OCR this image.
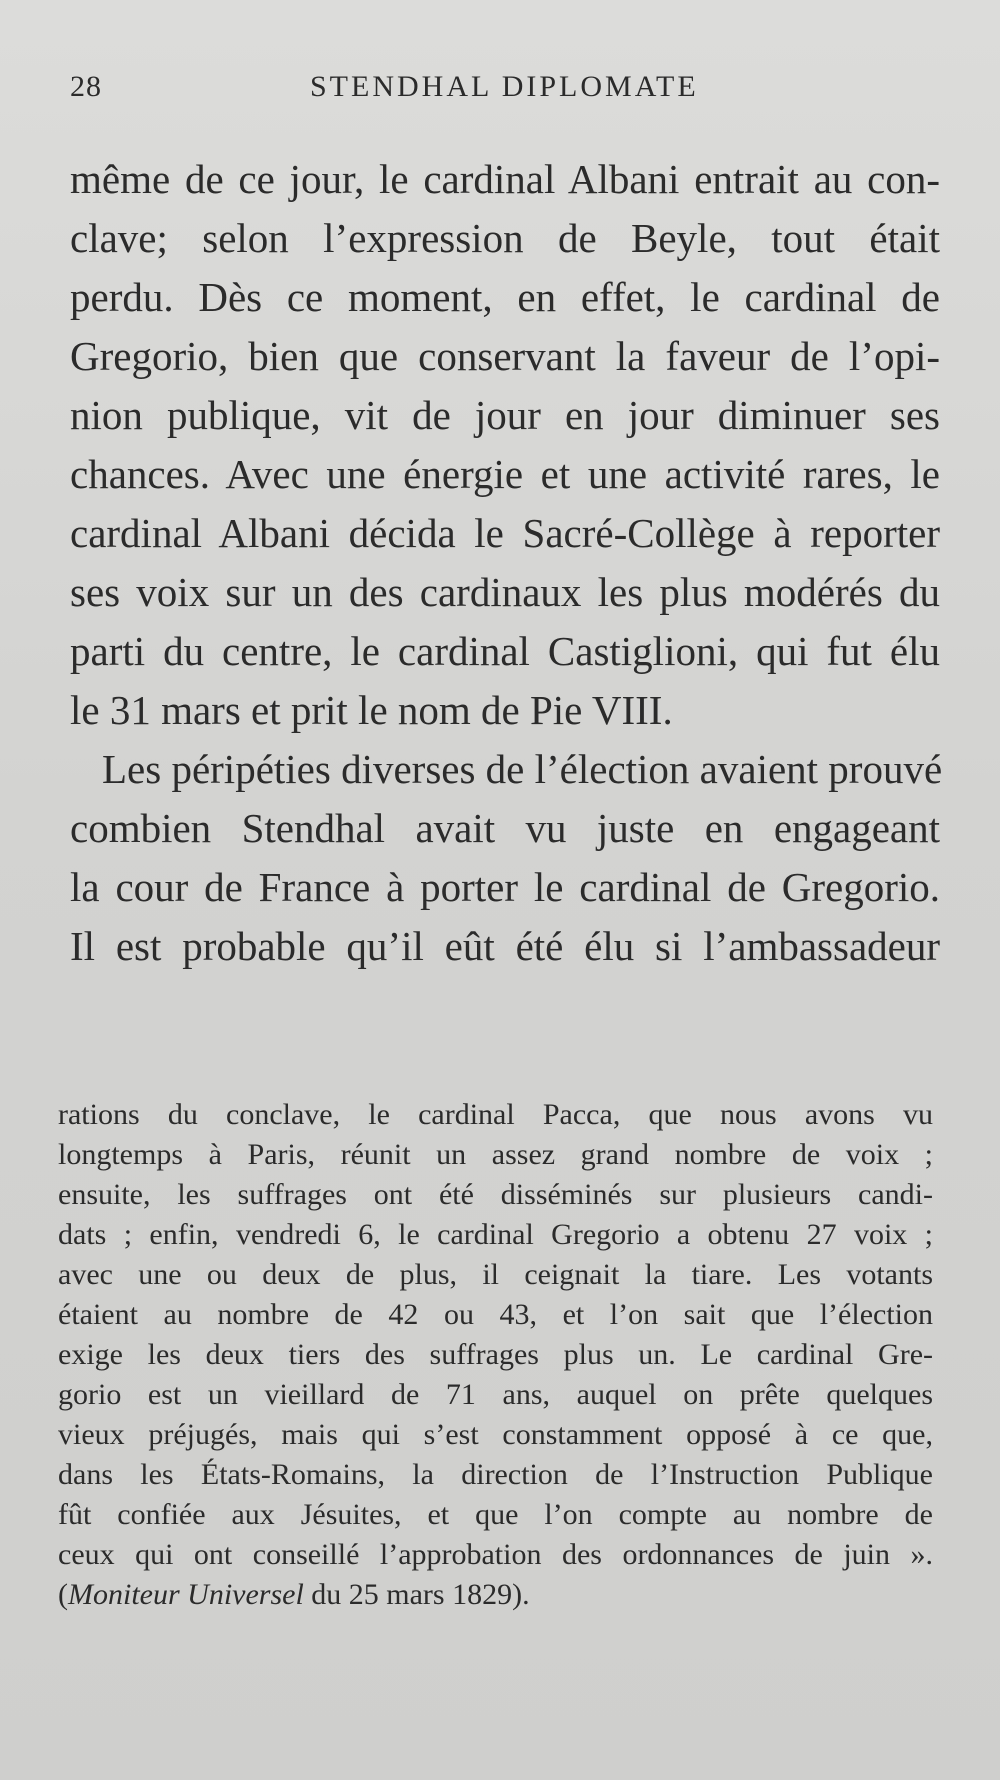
28	STENDHAL DIPLOMATE
même de ce jour, le cardinal Albani entrait au con-
clave; selon l’expression de Beyle, tout était
perdu. Dès ce moment, en effet, le cardinal de
Gregorio, bien que conservant la faveur de l’opi-
nion publique, vit de jour en jour diminuer ses
chances. Avec une énergie et une activité rares, le
cardinal Albani décida le Sacré-Collège à reporter
ses voix sur un des cardinaux les plus modérés du
parti du centre, le cardinal Castiglioni, qui fut élu
le 31 mars et prit le nom de Pie VIII.
Les péripéties diverses de l’élection avaient prouvé
combien Stendhal avait vu juste en engageant
la cour de France à porter le cardinal de Gregorio.
Il est probable qu’il eût été élu si l’ambassadeur
rations du conclave, le cardinal Pacca, que nous avons vu
longtemps à Paris, réunit un assez grand nombre de voix ;
ensuite, les suffrages ont été disséminés sur plusieurs candi-
dats ; enfin, vendredi 6, le cardinal Gregorio a obtenu 27 voix ;
avec une ou deux de plus, il ceignait la tiare. Les votants
étaient au nombre de 42 ou 43, et l’on sait que l’élection
exige les deux tiers des suffrages plus un. Le cardinal Gre-
gorio est un vieillard de 71 ans, auquel on prête quelques
vieux préjugés, mais qui s’est constamment opposé à ce que,
dans les États-Romains, la direction de l’Instruction Publique
fût confiée aux Jésuites, et que l’on compte au nombre de
ceux qui ont conseillé l’approbation des ordonnances de juin ».
(Moniteur Universel du 25 mars 1829).
